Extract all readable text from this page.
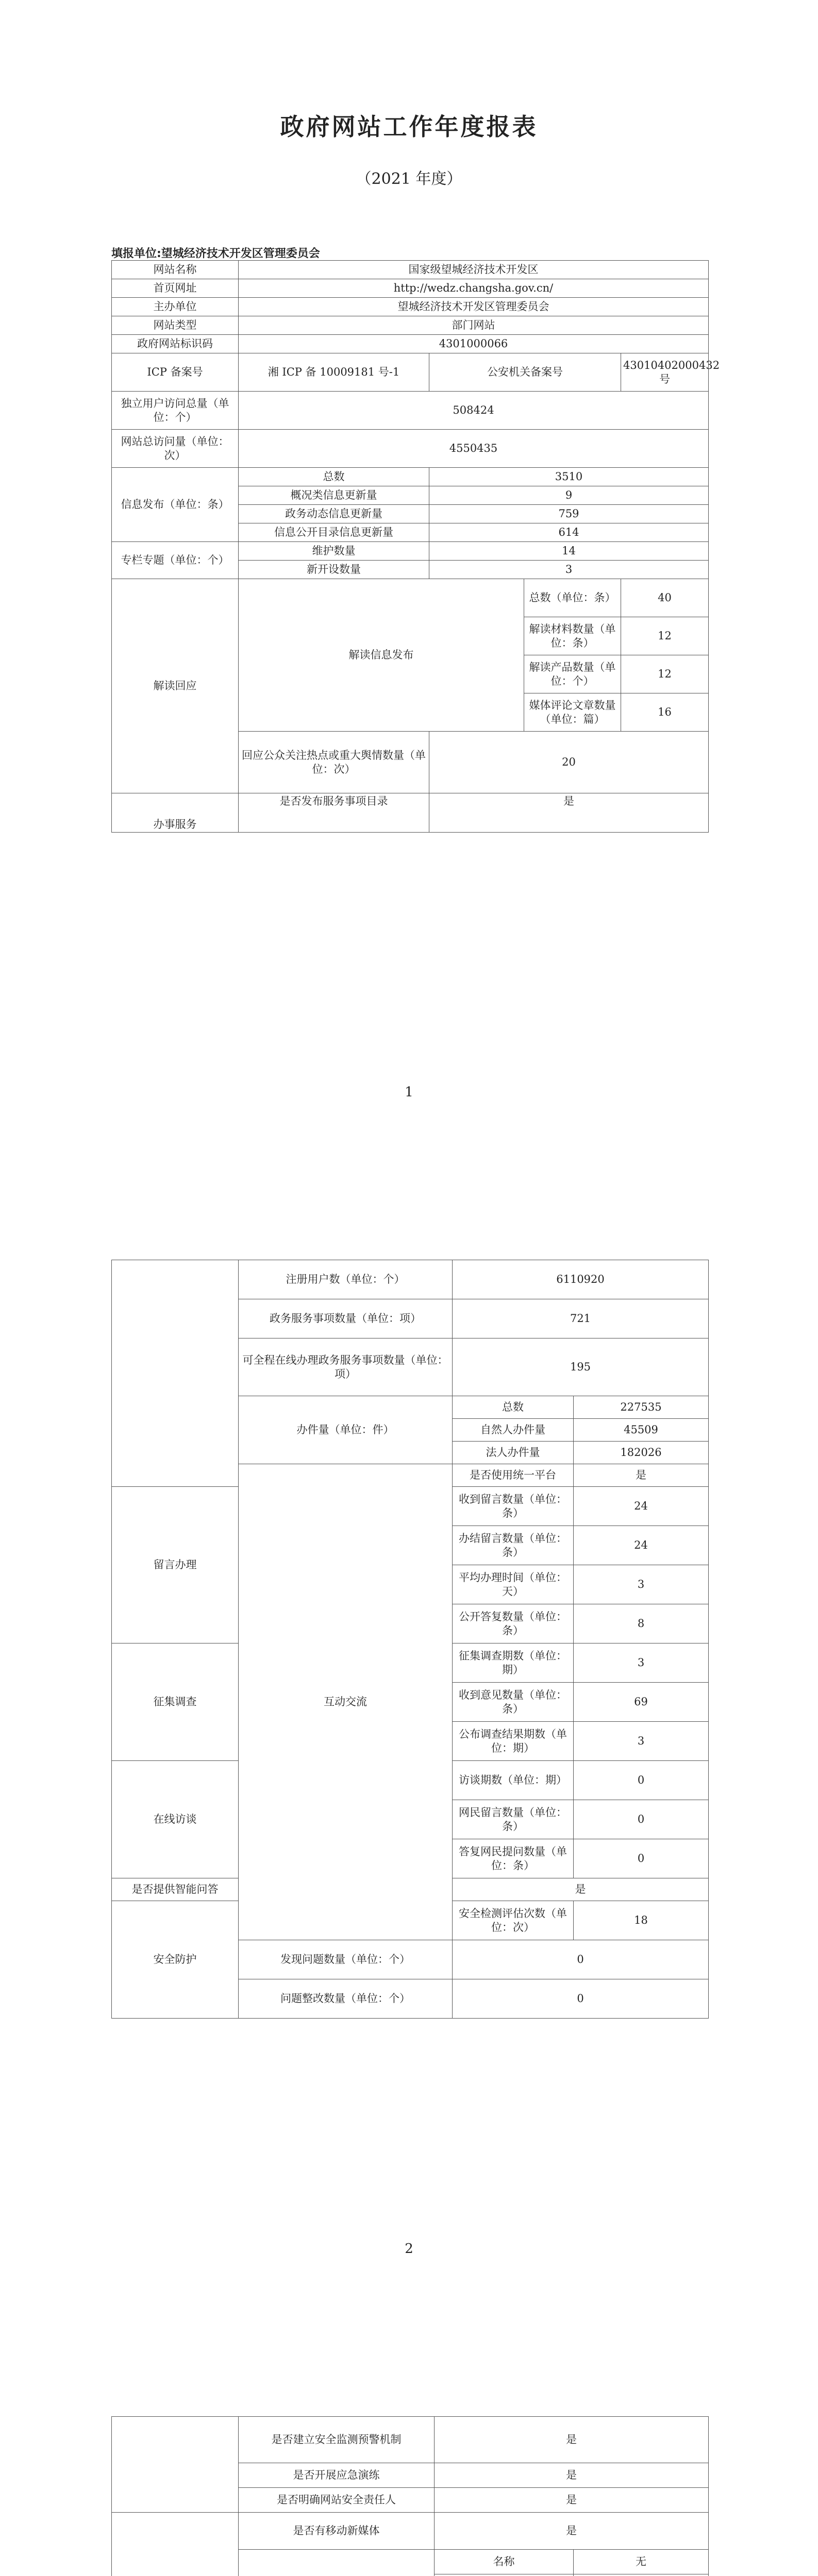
政府网站工作年度报表
（2021 年度）
填报单位:望城经济技术开发区管理委员会
网站名称	国家级望城经济技术开发区			
首页网址	http://wedz.changsha.gov.cn/			
主办单位	望城经济技术开发区管理委员会			
网站类型	部门网站			
政府网站标识码	4301000066			
ICP 备案号	湘 ICP 备 10009181 号-1	公安机关备案号		43010402000432 号
独立用户访问总量（单位：个）	508424			
网站总访问量（单位：次）	4550435			
信息发布（单位：条）	总数	3510		
	概况类信息更新量	9		
	政务动态信息更新量	759		
	信息公开目录信息更新量	614		
专栏专题（单位：个）	维护数量	14		
	新开设数量	3		
解读回应	解读信息发布		总数（单位：条）	40
			解读材料数量（单位：条）	12
			解读产品数量（单位：个）	12
			媒体评论文章数量（单位：篇）	16
	回应公众关注热点或重大舆情数量（单位：次）	20		
办事服务	是否发布服务事项目录	是		
1
	注册用户数（单位：个）	6110920	
	政务服务事项数量（单位：项）	721	
	可全程在线办理政务服务事项数量（单位：项）	195	
	办件量（单位：件）	总数	227535
		自然人办件量	45509
		法人办件量	182026
	互动交流	是否使用统一平台	是
留言办理		收到留言数量（单位：条）	24
		办结留言数量（单位：条）	24
		平均办理时间（单位：天）	3
		公开答复数量（单位：条）	8
征集调查		征集调查期数（单位：期）	3
		收到意见数量（单位：条）	69
		公布调查结果期数（单位：期）	3
在线访谈		访谈期数（单位：期）	0
		网民留言数量（单位：条）	0
		答复网民提问数量（单位：条）	0
是否提供智能问答		是	
安全防护		安全检测评估次数（单位：次）	18
	发现问题数量（单位：个）	0	
	问题整改数量（单位：个）	0	
2
	是否建立安全监测预警机制	是	
	是否开展应急演练	是	
	是否明确网站安全责任人	是	
	是否有移动新媒体	是	
	名称	无
